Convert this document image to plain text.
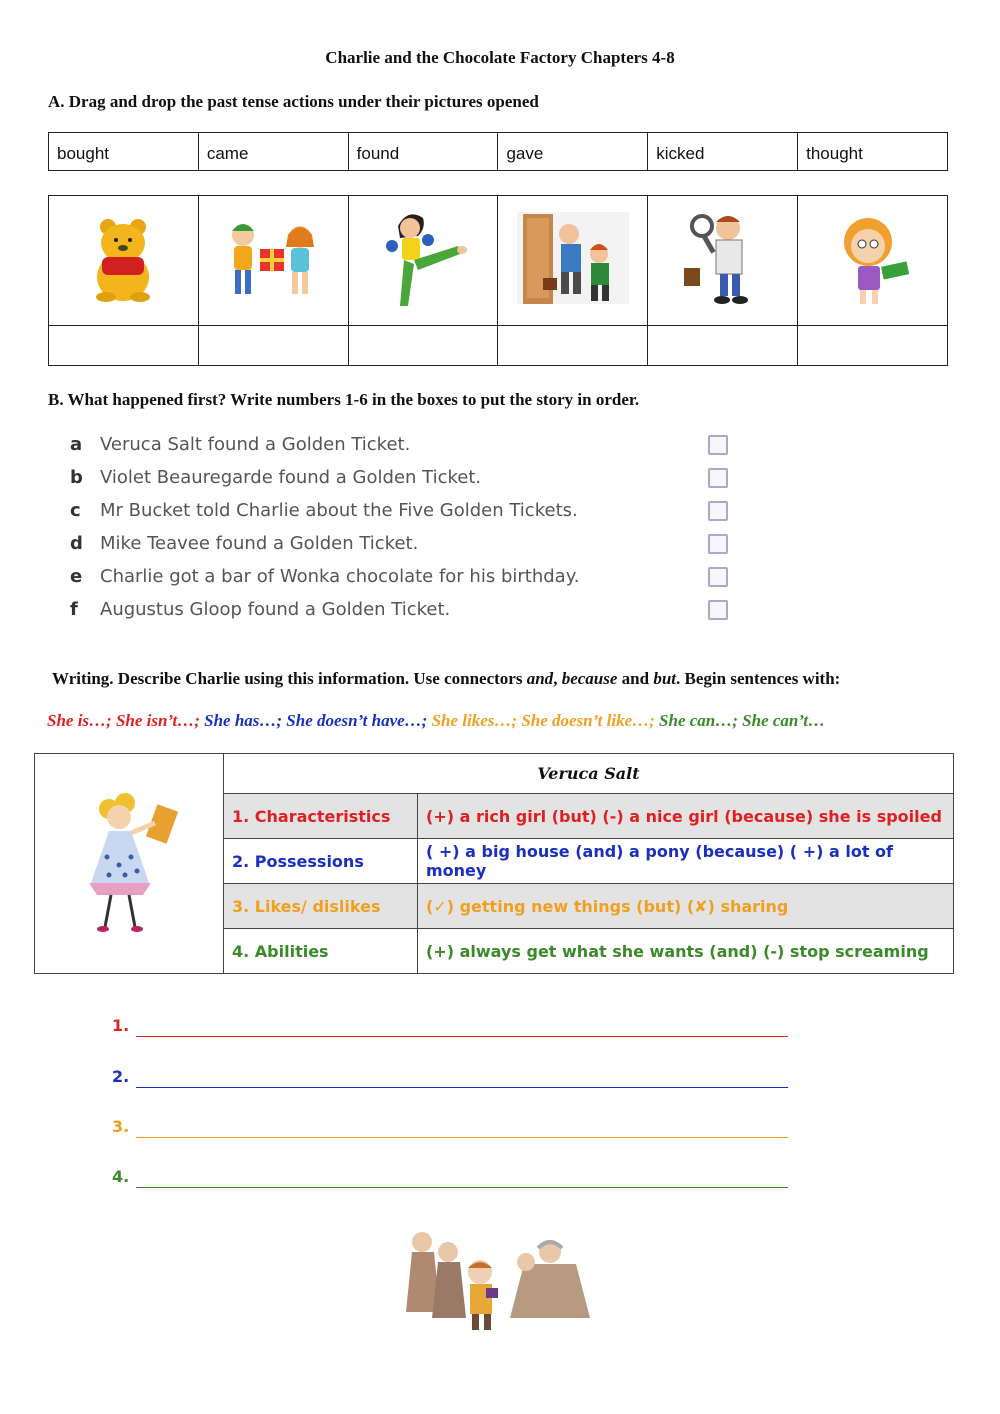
Charlie and the Chocolate Factory Chapters 4-8
A. Drag and drop the past tense actions under their pictures opened
bought	came	found	gave	kicked	thought

B. What happened first? Write numbers 1-6 in the boxes to put the story in order.
a Veruca Salt found a Golden Ticket.
b Violet Beauregarde found a Golden Ticket.
c Mr Bucket told Charlie about the Five Golden Tickets.
d Mike Teavee found a Golden Ticket.
e Charlie got a bar of Wonka chocolate for his birthday.
f Augustus Gloop found a Golden Ticket.
Writing. Describe Charlie using this information. Use connectors and, because and but. Begin sentences with:
She is…; She isn’t…; She has…; She doesn’t have…; She likes…; She doesn’t like…; She can…; She can’t…
	Veruca Salt	
	1. Characteristics	(+) a rich girl (but) (-) a nice girl (because) she is spoiled
	2. Possessions	( +) a big house (and) a pony (because) ( +) a lot of money
	3. Likes/ dislikes	(✓) getting new things (but) (✘) sharing
	4. Abilities	(+) always get what she wants (and) (-) stop screaming
1.
2.
3.
4.
